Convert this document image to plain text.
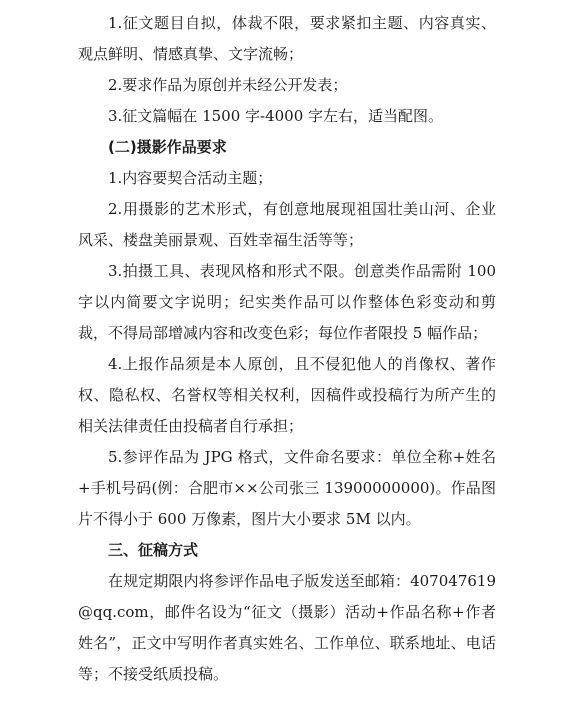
1.征文题目自拟，体裁不限，要求紧扣主题、内容真实、观点鲜明、情感真挚、文字流畅；

2.要求作品为原创并未经公开发表；

3.征文篇幅在 1500 字-4000 字左右，适当配图。

(二)摄影作品要求

1.内容要契合活动主题；

2.用摄影的艺术形式，有创意地展现祖国壮美山河、企业风采、楼盘美丽景观、百姓幸福生活等等；

3.拍摄工具、表现风格和形式不限。创意类作品需附 100 字以内简要文字说明；纪实类作品可以作整体色彩变动和剪裁，不得局部增减内容和改变色彩；每位作者限投 5 幅作品；

4.上报作品须是本人原创，且不侵犯他人的肖像权、著作权、隐私权、名誉权等相关权利，因稿件或投稿行为所产生的相关法律责任由投稿者自行承担；

5.参评作品为 JPG 格式，文件命名要求：单位全称+姓名+手机号码(例：合肥市××公司张三 13900000000)。作品图片不得小于 600 万像素，图片大小要求 5M 以内。

三、征稿方式

在规定期限内将参评作品电子版发送至邮箱：407047619@qq.com，邮件名设为“征文（摄影）活动+作品名称+作者姓名”，正文中写明作者真实姓名、工作单位、联系地址、电话等；不接受纸质投稿。
